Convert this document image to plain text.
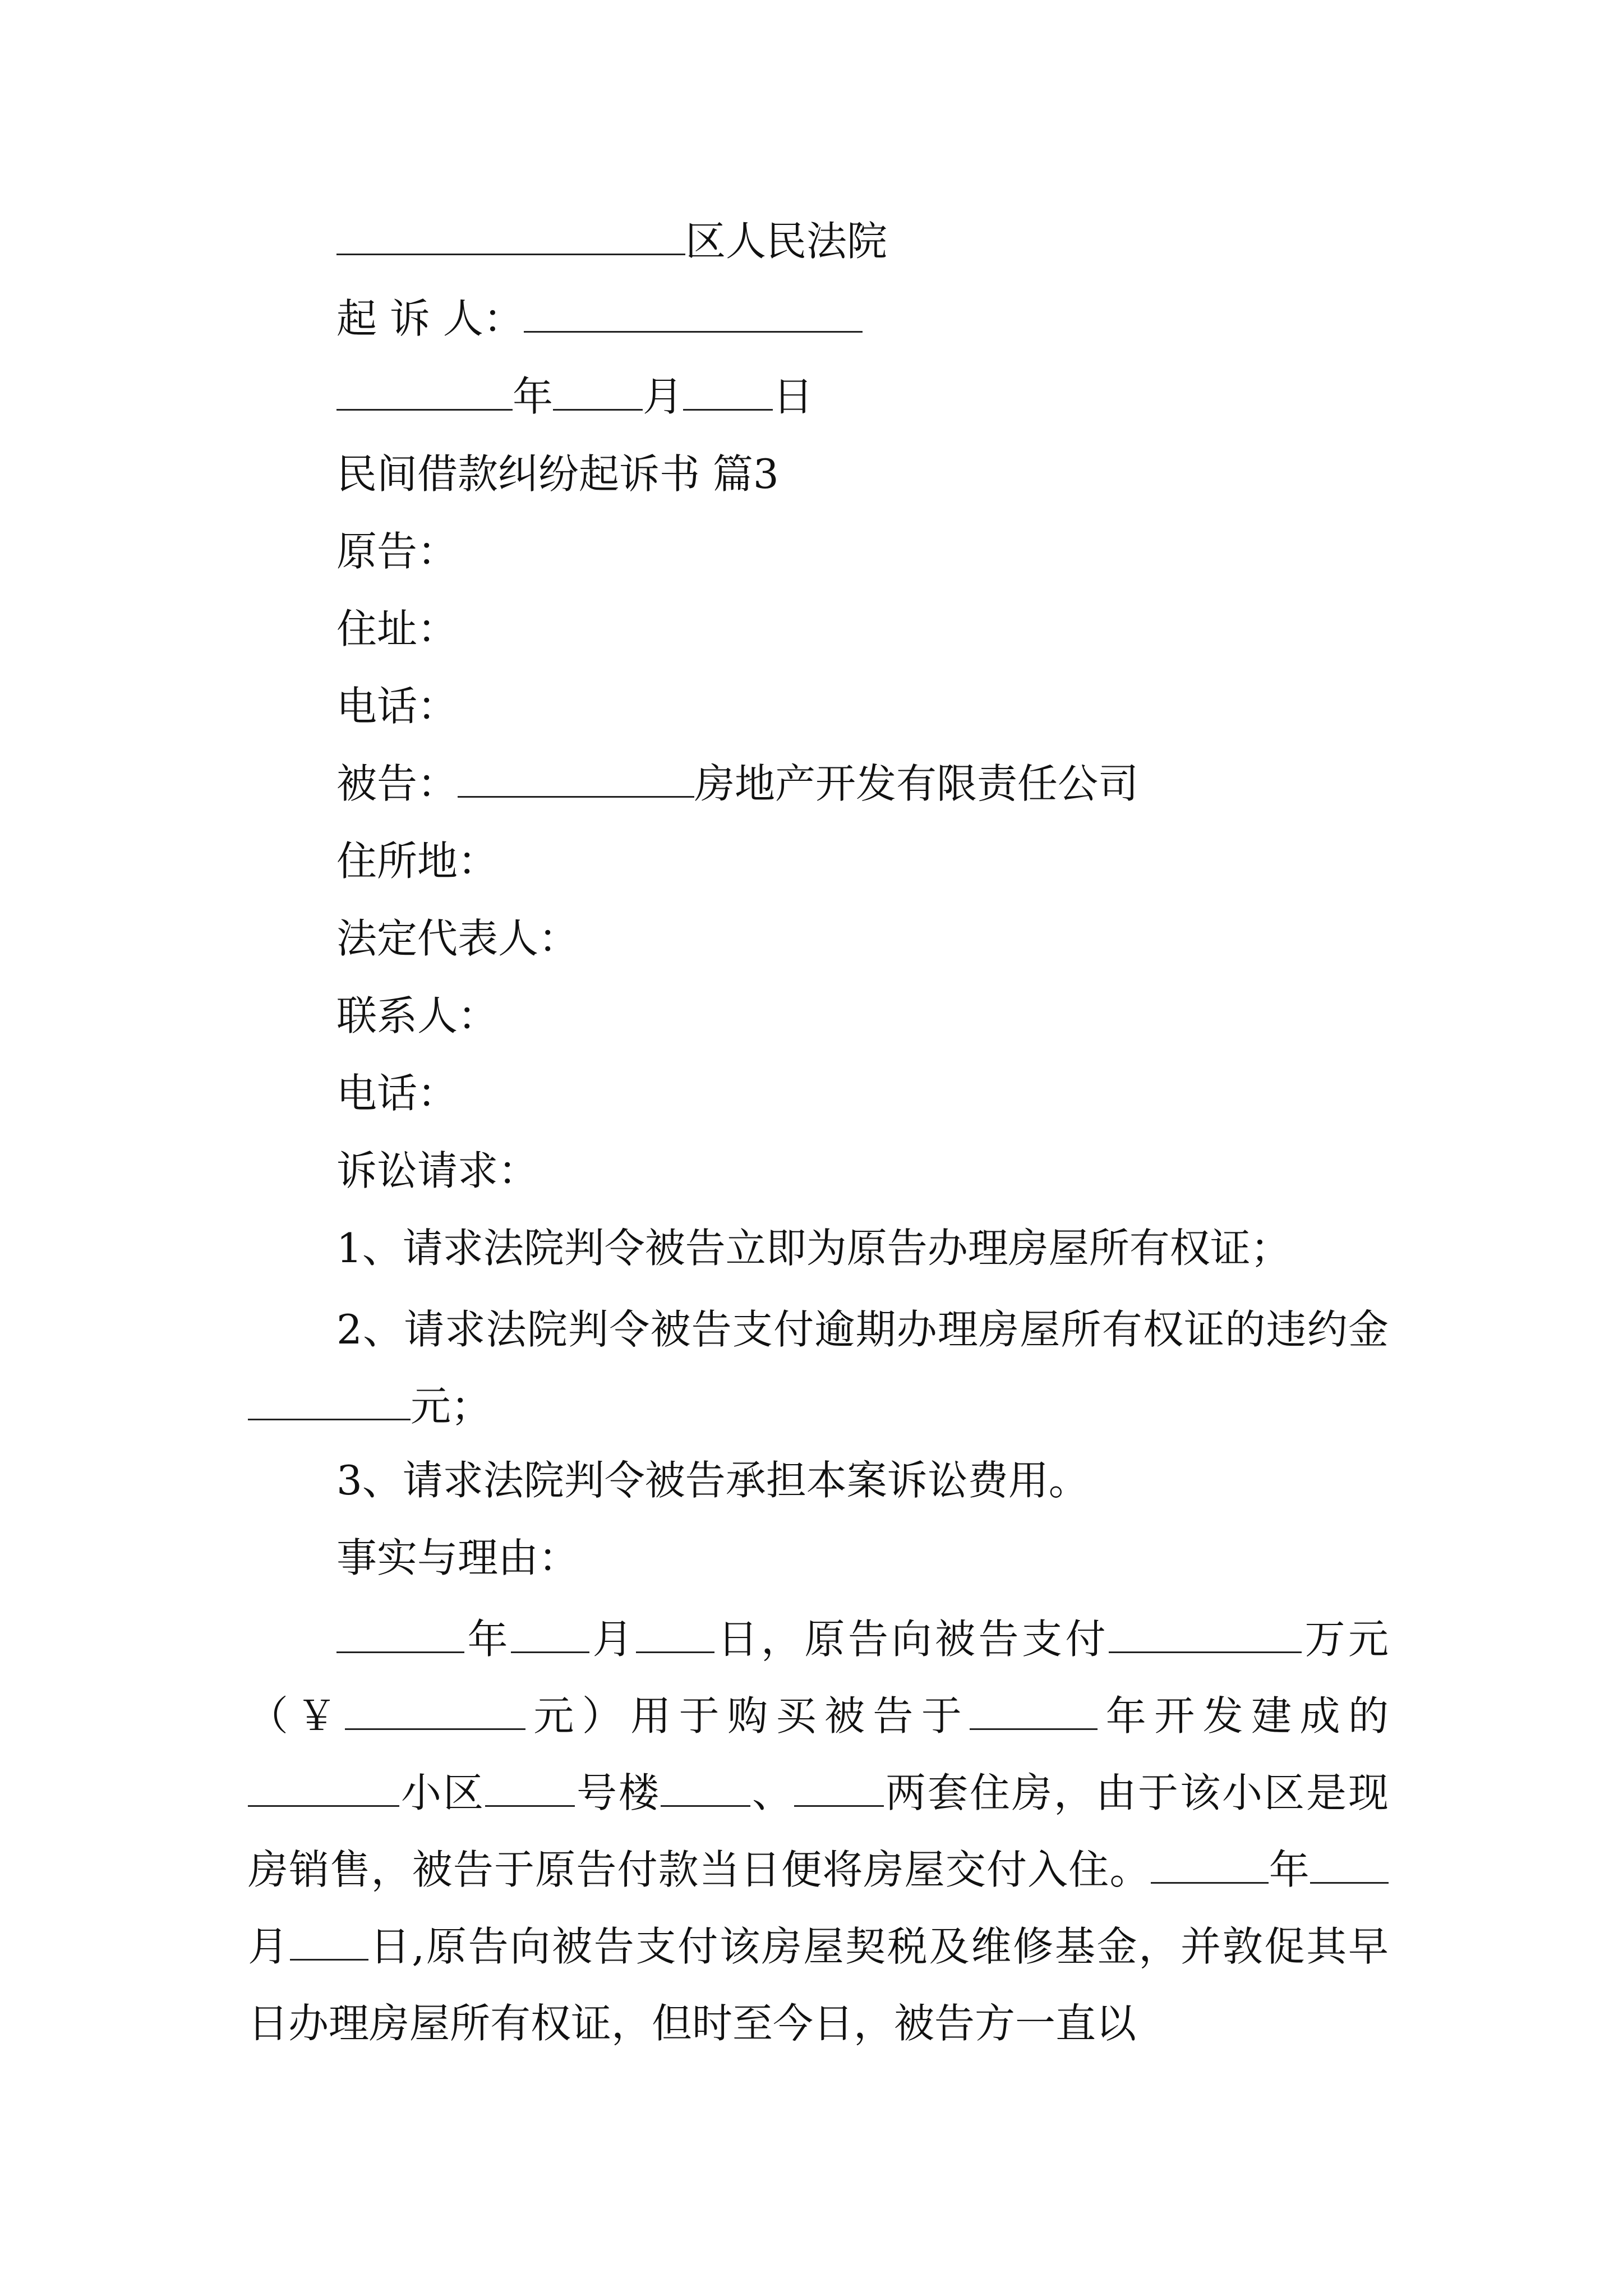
区人民法院
起 诉 人：
年 月 日
民间借款纠纷起诉书 篇3
原告：
住址：
电话：
被告：	房地产开发有限责任公司
住所地：
法定代表人：
联系人：
电话：
诉讼请求：
1、请求法院判令被告立即为原告办理房屋所有权证；
2、请求法院判令被告支付逾期办理房屋所有权证的违约金元；
3、请求法院判令被告承担本案诉讼费用。
事实与理由：
年 月 日，原告向被告支付	万元（￥	元）用于购买被告于	年开发建成的小区 号楼 、 两套住房，由于该小区是现房销售，被告于原告付款当日便将房屋交付入住。	年月 日,原告向被告支付该房屋契税及维修基金，并敦促其早日办理房屋所有权证，但时至今日，被告方一直以
